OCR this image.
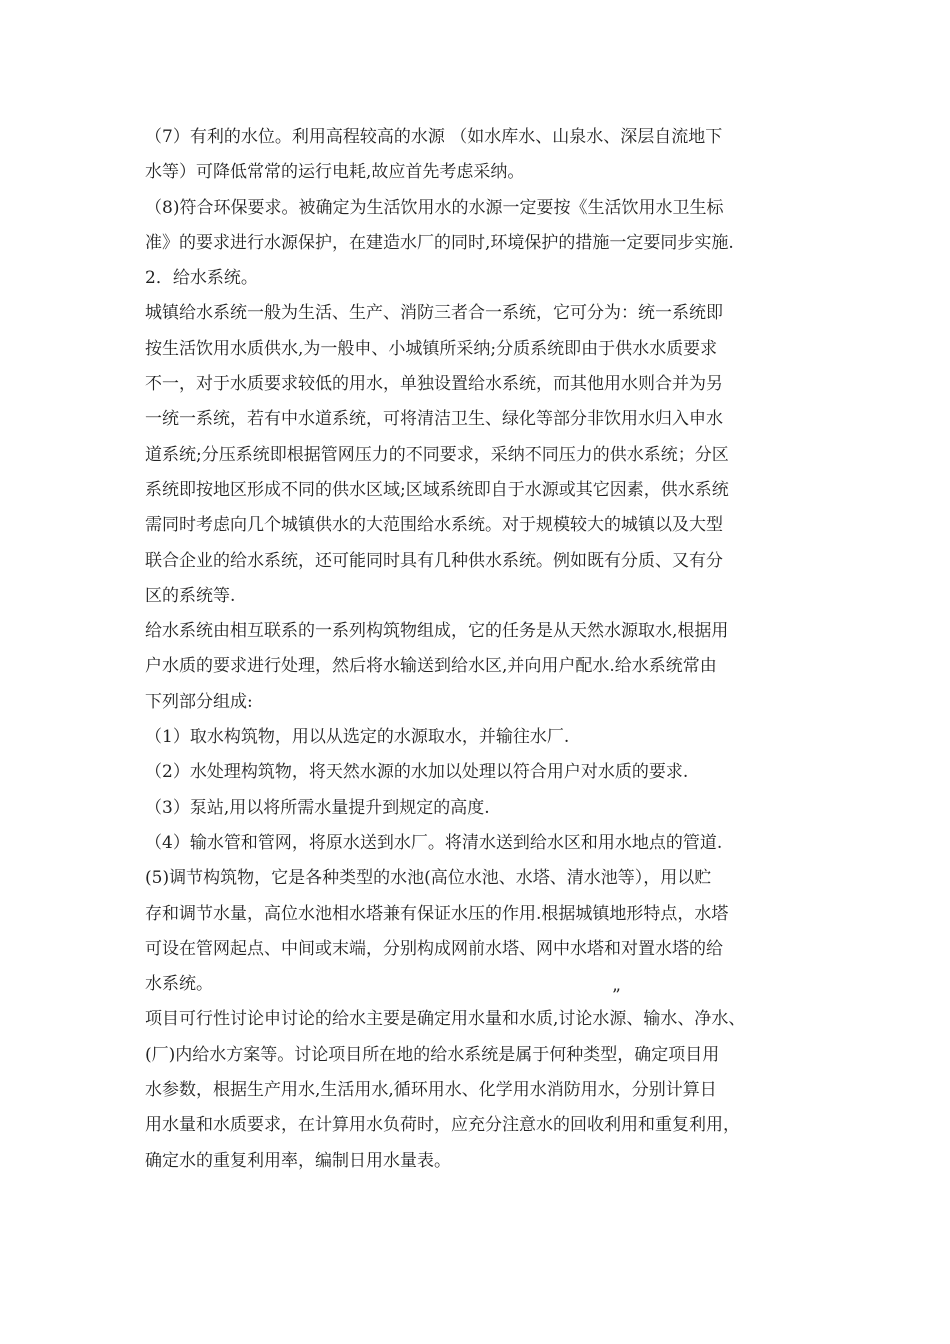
（7）有利的水位。利用高程较高的水源 （如水库水、山泉水、深层自流地下
水等）可降低常常的运行电耗,故应首先考虑采纳。
（8)符合环保要求。被确定为生活饮用水的水源一定要按《生活饮用水卫生标
准》的要求进行水源保护，在建造水厂的同时,环境保护的措施一定要同步实施.
2．给水系统。
城镇给水系统一般为生活、生产、消防三者合一系统，它可分为：统一系统即
按生活饮用水质供水,为一般申、小城镇所采纳;分质系统即由于供水水质要求
不一，对于水质要求较低的用水，单独设置给水系统，而其他用水则合并为另
一统一系统，若有中水道系统，可将清洁卫生、绿化等部分非饮用水归入申水
道系统;分压系统即根据管网压力的不同要求，采纳不同压力的供水系统；分区
系统即按地区形成不同的供水区域;区域系统即自于水源或其它因素，供水系统
需同时考虑向几个城镇供水的大范围给水系统。对于规模较大的城镇以及大型
联合企业的给水系统，还可能同时具有几种供水系统。例如既有分质、又有分
区的系统等.
给水系统由相互联系的一系列构筑物组成，它的任务是从天然水源取水,根据用
户水质的要求进行处理，然后将水输送到给水区,并向用户配水.给水系统常由
下列部分组成:
（1）取水构筑物，用以从选定的水源取水，并输往水厂.
（2）水处理构筑物，将天然水源的水加以处理以符合用户对水质的要求.
（3）泵站,用以将所需水量提升到规定的高度.
（4）输水管和管网，将原水送到水厂。将清水送到给水区和用水地点的管道.
(5)调节构筑物，它是各种类型的水池(高位水池、水塔、清水池等），用以贮
存和调节水量，高位水池相水塔兼有保证水压的作用.根据城镇地形特点，水塔
可设在管网起点、中间或末端，分别构成网前水塔、网中水塔和对置水塔的给
水系统。
项目可行性讨论申讨论的给水主要是确定用水量和水质,讨论水源、输水、净水、
(厂)内给水方案等。讨论项目所在地的给水系统是属于何种类型，确定项目用
水参数，根据生产用水,生活用水,循环用水、化学用水消防用水，分别计算日
用水量和水质要求，在计算用水负荷时，应充分注意水的回收利用和重复利用，
确定水的重复利用率，编制日用水量表。
”
